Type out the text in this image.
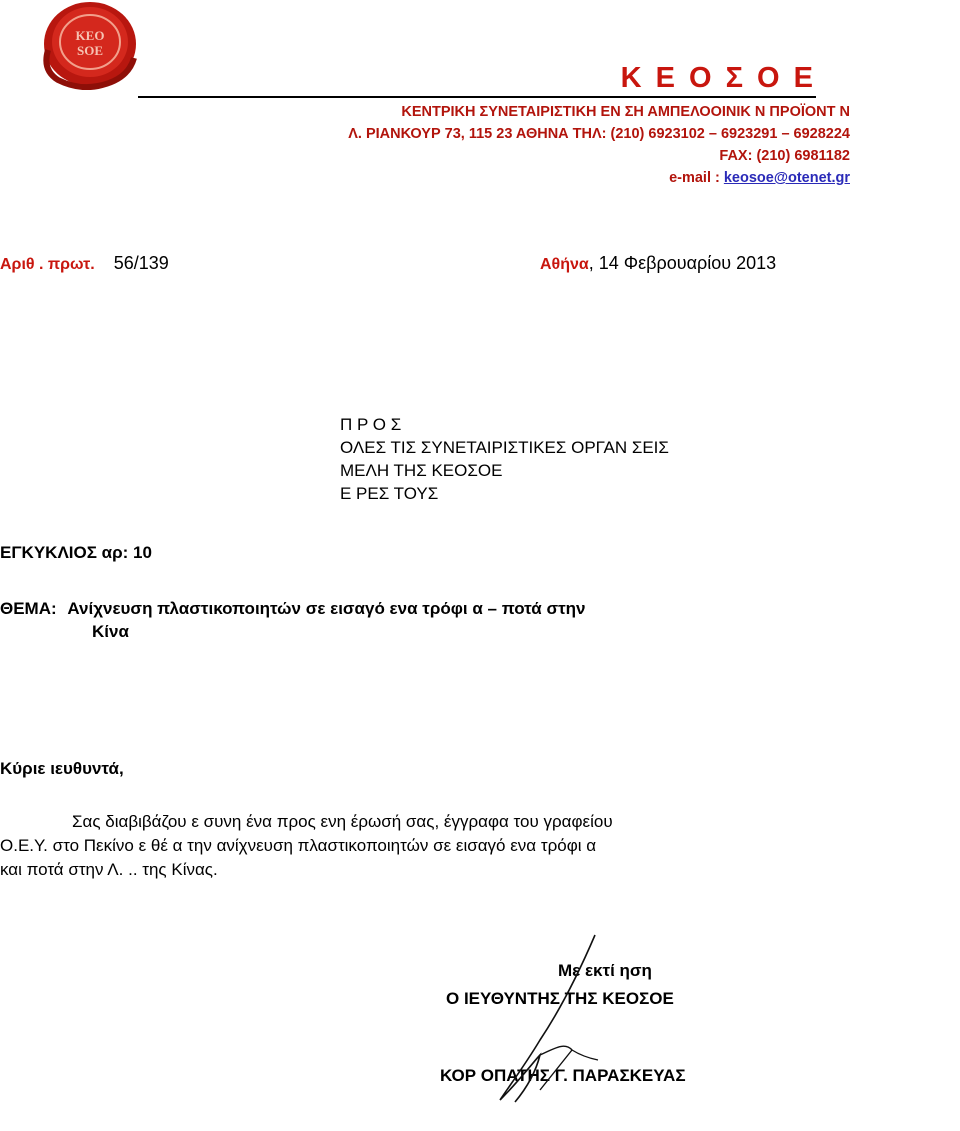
KEO
SOE
Κ Ε Ο Σ Ο Ε
ΚΕΝΤΡΙΚΗ ΣΥΝΕΤΑΙΡΙΣΤΙΚΗ ΕΝ ΣΗ ΑΜΠΕΛΟΟΙΝΙΚ Ν ΠΡΟΪΟΝΤ Ν
Λ. ΡΙΑΝΚΟΥΡ 73, 115 23 ΑΘΗΝΑ ΤΗΛ: (210) 6923102 – 6923291 – 6928224
FAX: (210) 6981182
e-mail : keosoe@otenet.gr
Αριθ . πρωτ. 56/139	Αθήνα, 14 Φεβρουαρίου 2013
Π Ρ Ο Σ
ΟΛΕΣ ΤΙΣ ΣΥΝΕΤΑΙΡΙΣΤΙΚΕΣ ΟΡΓΑΝ ΣΕΙΣ
ΜΕΛΗ ΤΗΣ ΚΕΟΣΟΕ
Ε ΡΕΣ ΤΟΥΣ
ΕΓΚΥΚΛΙΟΣ αρ: 10
ΘΕΜΑ: Ανίχνευση πλαστικοποιητών σε εισαγό ενα τρόφι α – ποτά στην
Κίνα
Κύριε ιευθυντά,
Σας διαβιβάζου ε συνη ένα προς ενη έρωσή σας, έγγραφα του γραφείου
Ο.Ε.Υ. στο Πεκίνο ε θέ α την ανίχνευση πλαστικοποιητών σε εισαγό ενα τρόφι α
και ποτά στην Λ. .. της Κίνας.
Με εκτί ηση
Ο ΙΕΥΘΥΝΤΗΣ ΤΗΣ ΚΕΟΣΟΕ
ΚΟΡ ΟΠΑΤΗΣ Γ. ΠΑΡΑΣΚΕΥΑΣ
